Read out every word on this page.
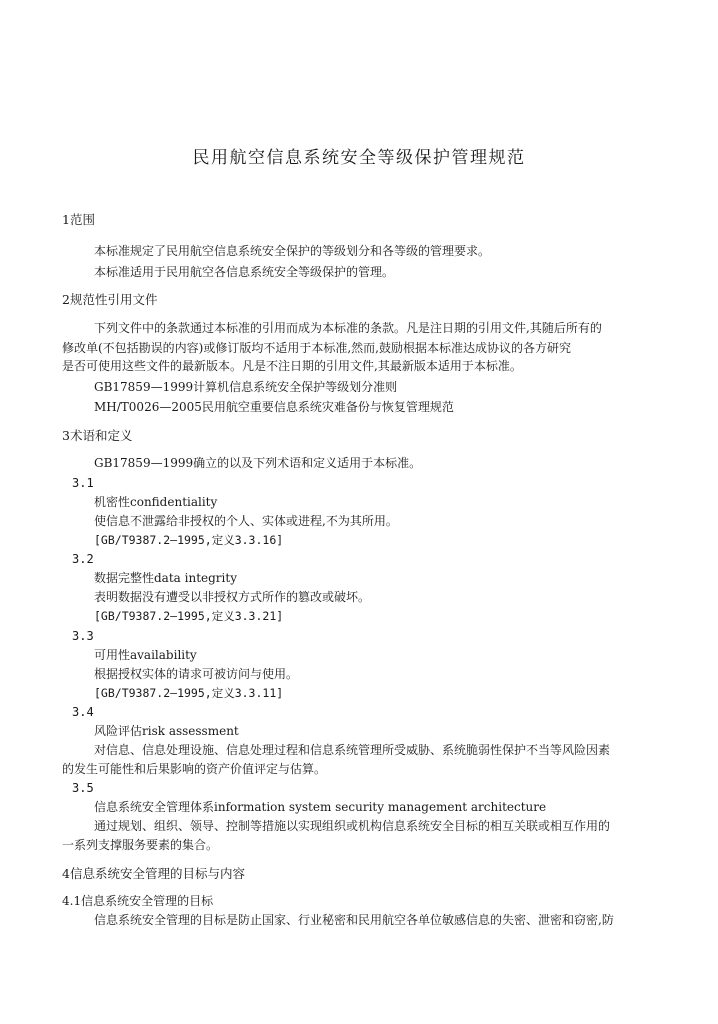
民用航空信息系统安全等级保护管理规范
1范围
本标准规定了民用航空信息系统安全保护的等级划分和各等级的管理要求。
本标准适用于民用航空各信息系统安全等级保护的管理。
2规范性引用文件
下列文件中的条款通过本标准的引用而成为本标准的条款。凡是注日期的引用文件,其随后所有的
修改单(不包括勘误的内容)或修订版均不适用于本标准,然而,鼓励根据本标准达成协议的各方研究
是否可使用这些文件的最新版本。凡是不注日期的引用文件,其最新版本适用于本标准。
GB17859—1999计算机信息系统安全保护等级划分准则
MH/T0026—2005民用航空重要信息系统灾难备份与恢复管理规范
3术语和定义
GB17859—1999确立的以及下列术语和定义适用于本标准。
3.1
机密性confidentiality
使信息不泄露给非授权的个人、实体或进程,不为其所用。
[GB/T9387.2—1995,定义3.3.16]
3.2
数据完整性data integrity
表明数据没有遭受以非授权方式所作的篡改或破坏。
[GB/T9387.2—1995,定义3.3.21]
3.3
可用性availability
根据授权实体的请求可被访问与使用。
[GB/T9387.2—1995,定义3.3.11]
3.4
风险评估risk assessment
对信息、信息处理设施、信息处理过程和信息系统管理所受威胁、系统脆弱性保护不当等风险因素
的发生可能性和后果影响的资产价值评定与估算。
3.5
信息系统安全管理体系information system security management architecture
通过规划、组织、领导、控制等措施以实现组织或机构信息系统安全目标的相互关联或相互作用的
一系列支撑服务要素的集合。
4信息系统安全管理的目标与内容
4.1信息系统安全管理的目标
信息系统安全管理的目标是防止国家、行业秘密和民用航空各单位敏感信息的失密、泄密和窃密,防
